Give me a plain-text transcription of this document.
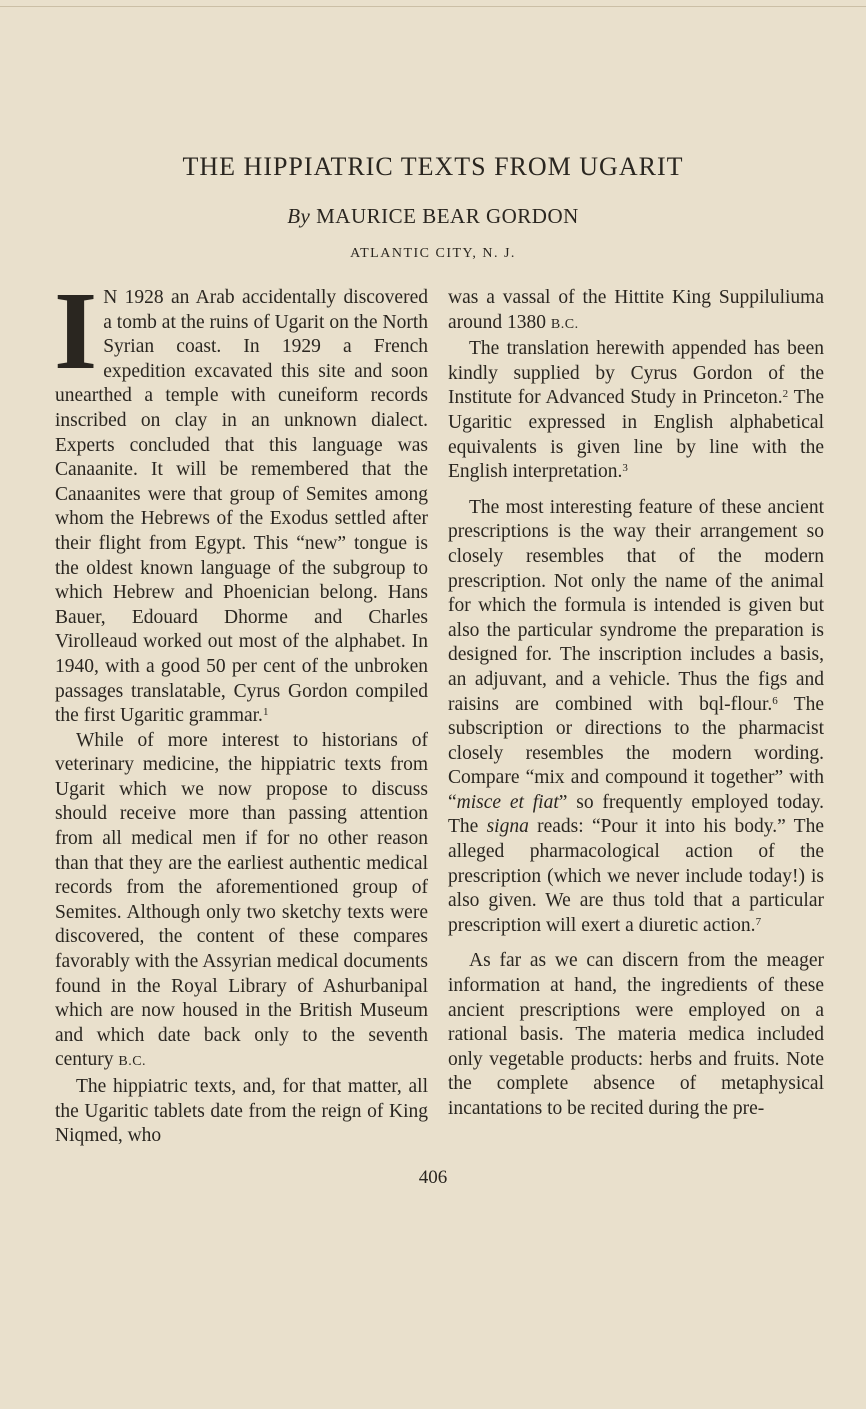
THE HIPPIATRIC TEXTS FROM UGARIT
By MAURICE BEAR GORDON
ATLANTIC CITY, N. J.

I N 1928 an Arab accidentally discovered a tomb at the ruins of Ugarit on the North Syrian coast. In 1929 a French expedition excavated this site and soon unearthed a temple with cuneiform records inscribed on clay in an unknown dialect. Experts concluded that this language was Canaanite. It will be remembered that the Canaanites were that group of Semites among whom the Hebrews of the Exodus settled after their flight from Egypt. This “new” tongue is the oldest known language of the subgroup to which Hebrew and Phoenician belong. Hans Bauer, Edouard Dhorme and Charles Virolleaud worked out most of the alphabet. In 1940, with a good 50 per cent of the unbroken passages translatable, Cyrus Gordon compiled the first Ugaritic grammar.$^1$

While of more interest to historians of veterinary medicine, the hippiatric texts from Ugarit which we now propose to discuss should receive more than passing attention from all medical men if for no other reason than that they are the earliest authentic medical records from the aforementioned group of Semites. Although only two sketchy texts were discovered, the content of these compares favorably with the Assyrian medical documents found in the Royal Library of Ashurbanipal which are now housed in the British Museum and which date back only to the seventh century B.C.

The hippiatric texts, and, for that matter, all the Ugaritic tablets date from the reign of King Niqmed, who

was a vassal of the Hittite King Suppiluliuma around 1380 B.C.

The translation herewith appended has been kindly supplied by Cyrus Gordon of the Institute for Advanced Study in Princeton.$^2$ The Ugaritic expressed in English alphabetical equivalents is given line by line with the English interpretation.$^3$

The most interesting feature of these ancient prescriptions is the way their arrangement so closely resembles that of the modern prescription. Not only the name of the animal for which the formula is intended is given but also the particular syndrome the preparation is designed for. The inscription includes a basis, an adjuvant, and a vehicle. Thus the figs and raisins are combined with bql-flour.$^6$ The subscription or directions to the pharmacist closely resembles the modern wording. Compare “mix and compound it together” with “misce et fiat” so frequently employed today. The signa reads: “Pour it into his body.” The alleged pharmacological action of the prescription (which we never include today!) is also given. We are thus told that a particular prescription will exert a diuretic action.$^7$

As far as we can discern from the meager information at hand, the ingredients of these ancient prescriptions were employed on a rational basis. The materia medica included only vegetable products: herbs and fruits. Note the complete absence of metaphysical incantations to be recited during the pre-

406
